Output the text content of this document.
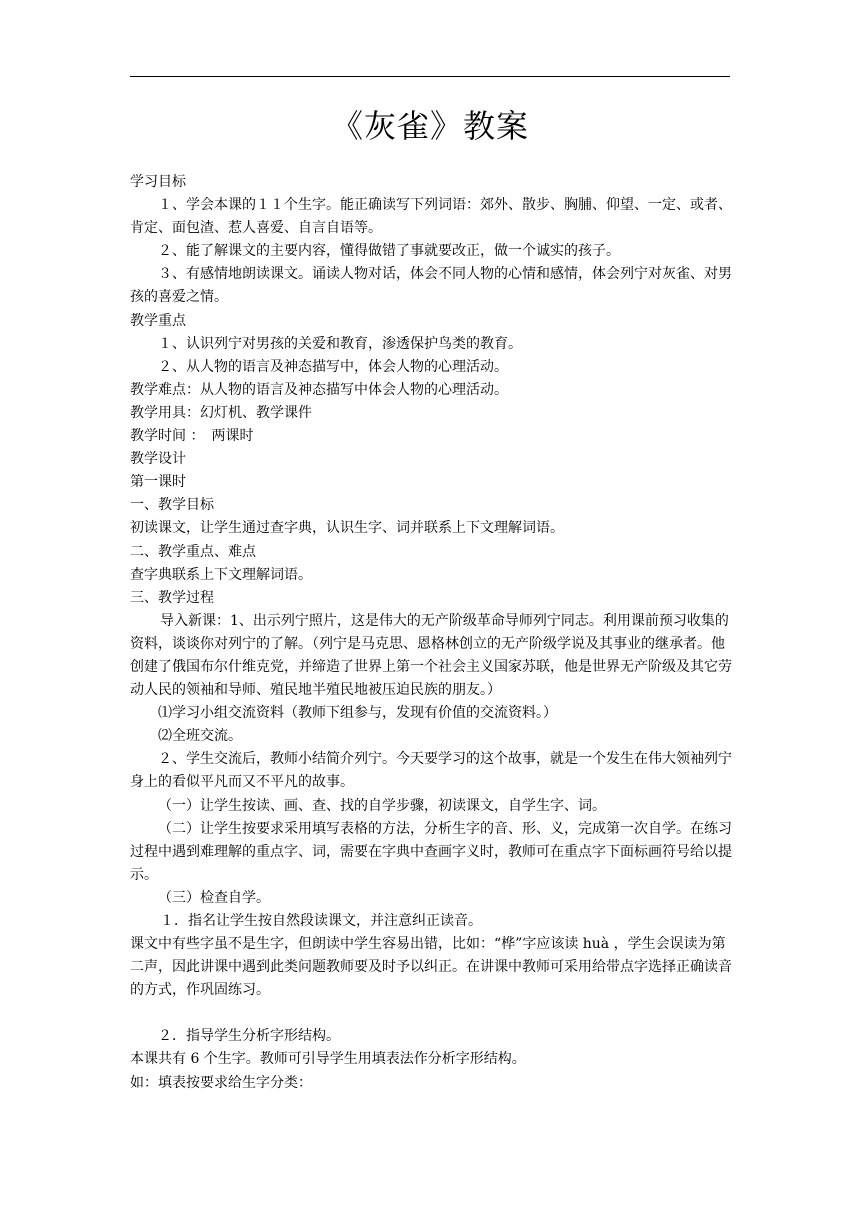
《灰雀》教案

学习目标

１、学会本课的１１个生字。能正确读写下列词语：郊外、散步、胸脯、仰望、一定、或者、肯定、面包渣、惹人喜爱、自言自语等。

２、能了解课文的主要内容，懂得做错了事就要改正，做一个诚实的孩子。

３、有感情地朗读课文。诵读人物对话，体会不同人物的心情和感情，体会列宁对灰雀、对男孩的喜爱之情。

教学重点

１、认识列宁对男孩的关爱和教育，渗透保护鸟类的教育。

２、从人物的语言及神态描写中，体会人物的心理活动。

教学难点：从人物的语言及神态描写中体会人物的心理活动。

教学用具：幻灯机、教学课件

教学时间 ：　两课时

教学设计

第一课时

一、教学目标

初读课文，让学生通过查字典，认识生字、词并联系上下文理解词语。

二、教学重点、难点

查字典联系上下文理解词语。

三、教学过程

导入新课：1、出示列宁照片，这是伟大的无产阶级革命导师列宁同志。利用课前预习收集的资料，谈谈你对列宁的了解。（列宁是马克思、恩格林创立的无产阶级学说及其事业的继承者。他创建了俄国布尔什维克党，并缔造了世界上第一个社会主义国家苏联，他是世界无产阶级及其它劳动人民的领袖和导师、殖民地半殖民地被压迫民族的朋友。）

⑴学习小组交流资料（教师下组参与，发现有价值的交流资料。）

⑵全班交流。

２、学生交流后，教师小结简介列宁。今天要学习的这个故事，就是一个发生在伟大领袖列宁身上的看似平凡而又不平凡的故事。

（一）让学生按读、画、查、找的自学步骤，初读课文，自学生字、词。

（二）让学生按要求采用填写表格的方法，分析生字的音、形、义，完成第一次自学。在练习过程中遇到难理解的重点字、词，需要在字典中查画字义时，教师可在重点字下面标画符号给以提示。

（三）检查自学。

１．指名让学生按自然段读课文，并注意纠正读音。

课文中有些字虽不是生字，但朗读中学生容易出错，比如：“桦”字应该读 huà ，学生会误读为第二声，因此讲课中遇到此类问题教师要及时予以纠正。在讲课中教师可采用给带点字选择正确读音的方式，作巩固练习。

２．指导学生分析字形结构。

本课共有 6 个生字。教师可引导学生用填表法作分析字形结构。

如：填表按要求给生字分类：
